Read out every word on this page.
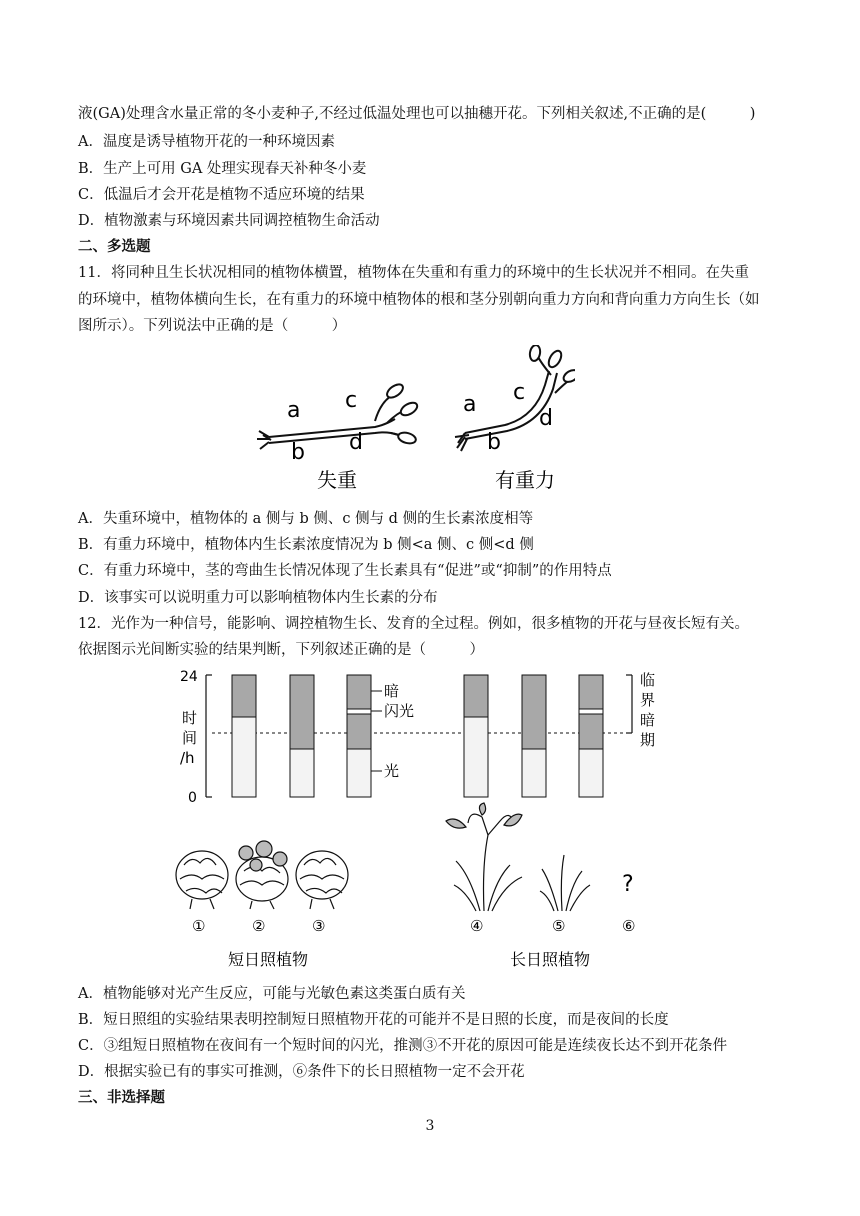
液(GA)处理含水量正常的冬小麦种子,不经过低温处理也可以抽穗开花。下列相关叙述,不正确的是(　　　)
A．温度是诱导植物开花的一种环境因素
B．生产上可用 GA 处理实现春天补种冬小麦
C．低温后才会开花是植物不适应环境的结果
D．植物激素与环境因素共同调控植物生命活动
二、多选题
11．将同种且生长状况相同的植物体横置，植物体在失重和有重力的环境中的生长状况并不相同。在失重
的环境中，植物体横向生长，在有重力的环境中植物体的根和茎分别朝向重力方向和背向重力方向生长（如
图所示）。下列说法中正确的是（　　　）
a
b
c
d
失重
a
b
c
d
有重力
A．失重环境中，植物体的 a 侧与 b 侧、c 侧与 d 侧的生长素浓度相等
B．有重力环境中，植物体内生长素浓度情况为 b 侧<a 侧、c 侧<d 侧
C．有重力环境中，茎的弯曲生长情况体现了生长素具有“促进”或“抑制”的作用特点
D．该事实可以说明重力可以影响植物体内生长素的分布
12．光作为一种信号，能影响、调控植物生长、发育的全过程。例如，很多植物的开花与昼夜长短有关。
依据图示光间断实验的结果判断，下列叙述正确的是（　　　）
24
0
时
间
/h
暗
闪光
光
临
界
暗
期
①	②	③
短日照植物
④	⑤
?
⑥
长日照植物
A．植物能够对光产生反应，可能与光敏色素这类蛋白质有关
B．短日照组的实验结果表明控制短日照植物开花的可能并不是日照的长度，而是夜间的长度
C．③组短日照植物在夜间有一个短时间的闪光，推测③不开花的原因可能是连续夜长达不到开花条件
D．根据实验已有的事实可推测，⑥条件下的长日照植物一定不会开花
三、非选择题
3
